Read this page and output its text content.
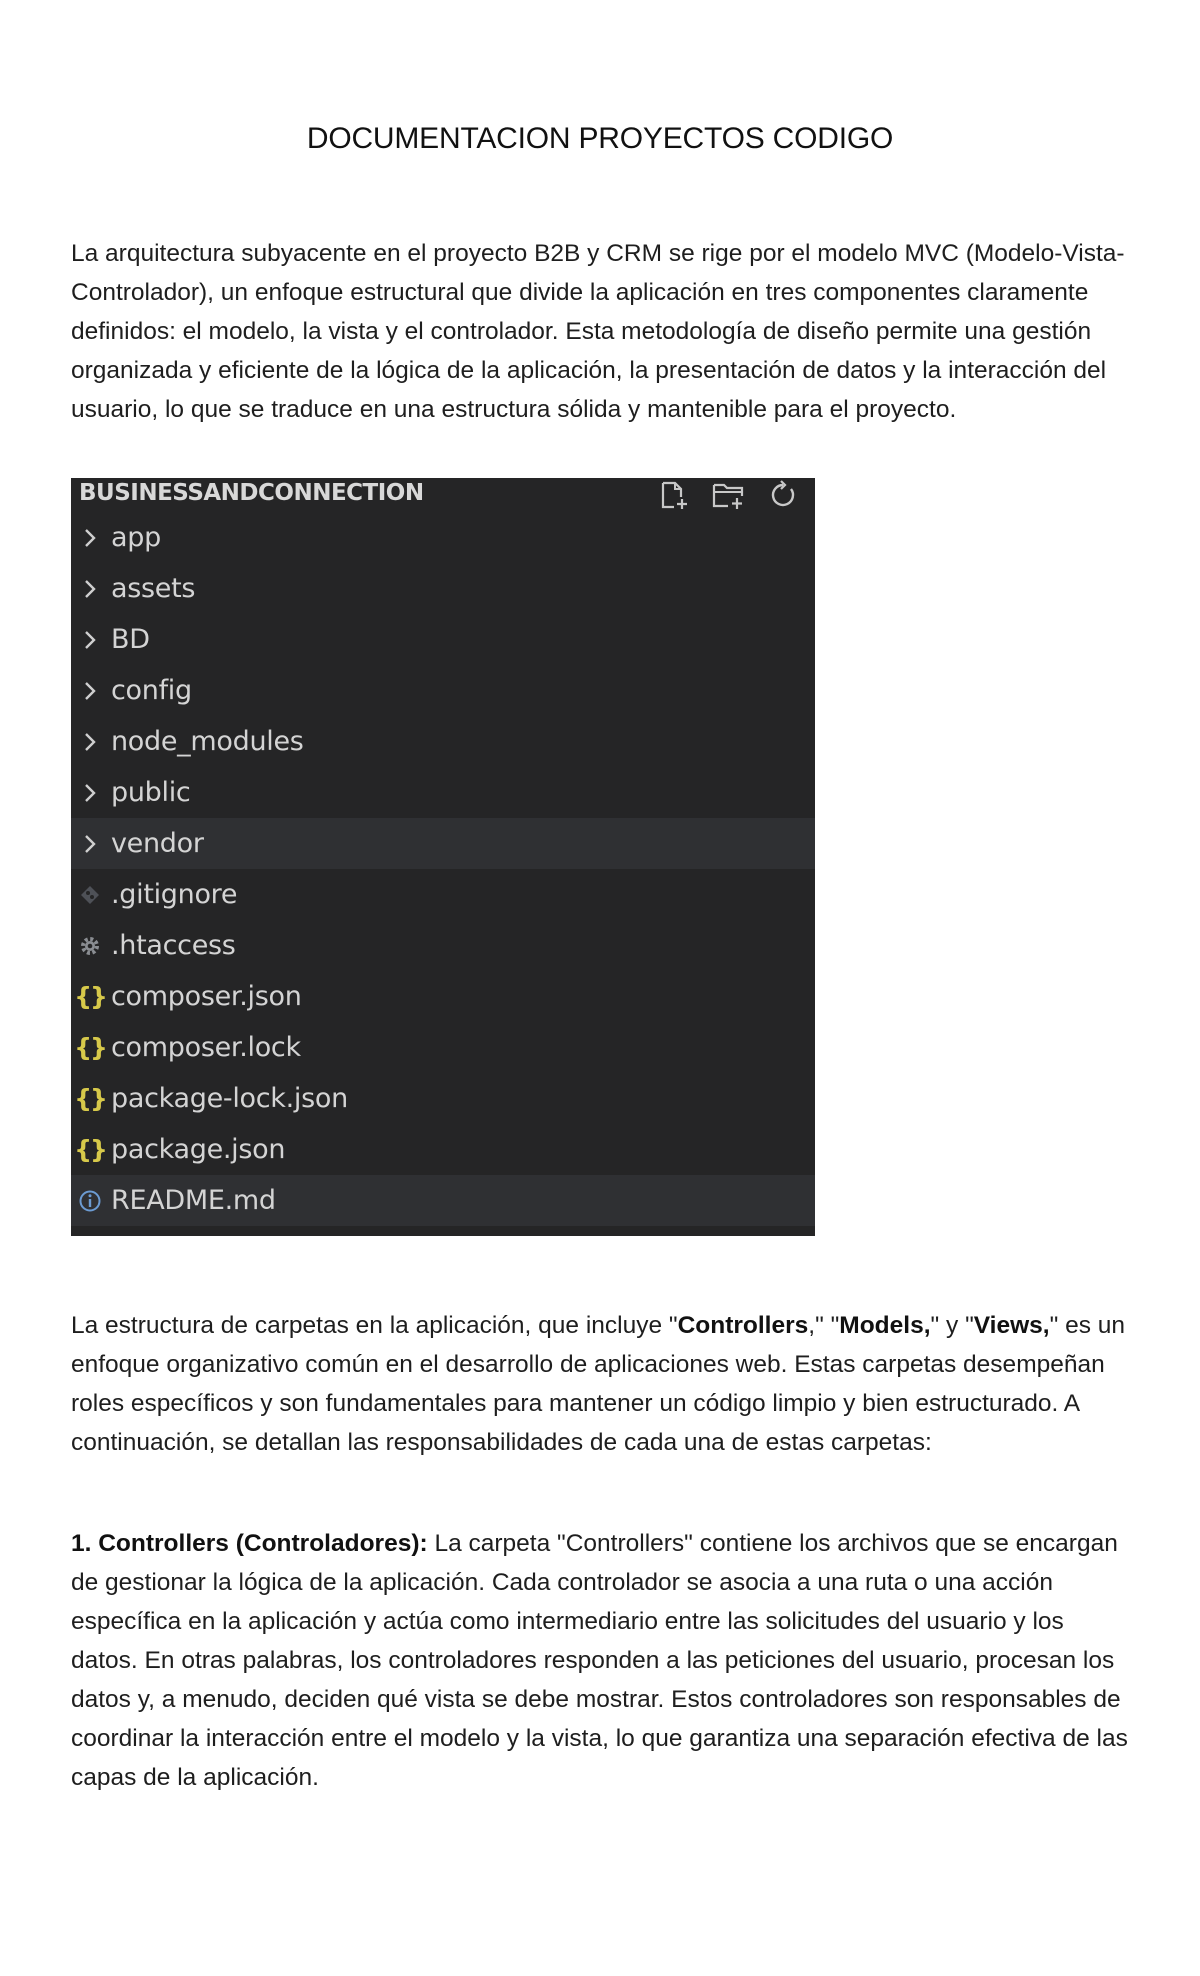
DOCUMENTACION PROYECTOS CODIGO

La arquitectura subyacente en el proyecto B2B y CRM se rige por el modelo MVC (Modelo-Vista-Controlador), un enfoque estructural que divide la aplicación en tres componentes claramente definidos: el modelo, la vista y el controlador. Esta metodología de diseño permite una gestión organizada y eficiente de la lógica de la aplicación, la presentación de datos y la interacción del usuario, lo que se traduce en una estructura sólida y mantenible para el proyecto.

BUSINESSANDCONNECTION
app
assets
BD
config
node_modules
public
vendor
.gitignore
.htaccess
{} composer.json
{} composer.lock
{} package-lock.json
{} package.json
README.md

La estructura de carpetas en la aplicación, que incluye "Controllers," "Models," y "Views," es un enfoque organizativo común en el desarrollo de aplicaciones web. Estas carpetas desempeñan roles específicos y son fundamentales para mantener un código limpio y bien estructurado. A continuación, se detallan las responsabilidades de cada una de estas carpetas:

1. Controllers (Controladores): La carpeta "Controllers" contiene los archivos que se encargan de gestionar la lógica de la aplicación. Cada controlador se asocia a una ruta o una acción específica en la aplicación y actúa como intermediario entre las solicitudes del usuario y los datos. En otras palabras, los controladores responden a las peticiones del usuario, procesan los datos y, a menudo, deciden qué vista se debe mostrar. Estos controladores son responsables de coordinar la interacción entre el modelo y la vista, lo que garantiza una separación efectiva de las capas de la aplicación.
